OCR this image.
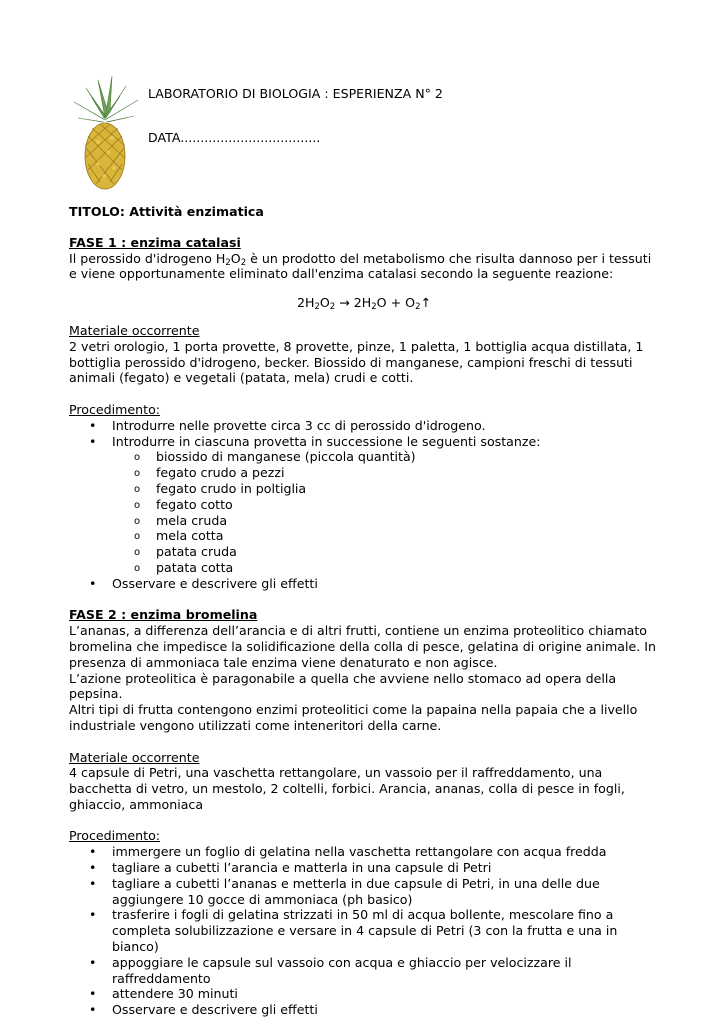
LABORATORIO DI BIOLOGIA : ESPERIENZA N° 2
DATA...................................

TITOLO: Attività enzimatica

FASE 1 : enzima catalasi

Il perossido d'idrogeno $H_2O_2$ è un prodotto del metabolismo che risulta dannoso per i tessuti e viene opportunamente eliminato dall'enzima catalasi secondo la seguente reazione:

$2H_2O_2 \to 2H_2O$ + $O_2↑$

Materiale occorrente

2 vetri orologio, 1 porta provette, 8 provette, pinze, 1 paletta, 1 bottiglia acqua distillata, 1 bottiglia perossido d'idrogeno, becker. Biossido di manganese, campioni freschi di tessuti animali (fegato) e vegetali (patata, mela) crudi e cotti.

Procedimento:

• Introdurre nelle provette circa 3 cc di perossido d'idrogeno.
• Introdurre in ciascuna provetta in successione le seguenti sostanze:
o biossido di manganese (piccola quantità)
o fegato crudo a pezzi
o fegato crudo in poltiglia
o fegato cotto
o mela cruda
o mela cotta
o patata cruda
o patata cotta
• Osservare e descrivere gli effetti

FASE 2 : enzima bromelina

L’ananas, a differenza dell’arancia e di altri frutti, contiene un enzima proteolitico chiamato bromelina che impedisce la solidificazione della colla di pesce, gelatina di origine animale. In presenza di ammoniaca tale enzima viene denaturato e non agisce.

L’azione proteolitica è paragonabile a quella che avviene nello stomaco ad opera della pepsina.

Altri tipi di frutta contengono enzimi proteolitici come la papaina nella papaia che a livello industriale vengono utilizzati come inteneritori della carne.

Materiale occorrente

4 capsule di Petri, una vaschetta rettangolare, un vassoio per il raffreddamento, una bacchetta di vetro, un mestolo, 2 coltelli, forbici. Arancia, ananas, colla di pesce in fogli, ghiaccio, ammoniaca

Procedimento:

• immergere un foglio di gelatina nella vaschetta rettangolare con acqua fredda
• tagliare a cubetti l’arancia e matterla in una capsule di Petri
• tagliare a cubetti l’ananas e metterla in due capsule di Petri, in una delle due aggiungere 10 gocce di ammoniaca (ph basico)
• trasferire i fogli di gelatina strizzati in 50 ml di acqua bollente, mescolare fino a completa solubilizzazione e versare in 4 capsule di Petri (3 con la frutta e una in bianco)
• appoggiare le capsule sul vassoio con acqua e ghiaccio per velocizzare il raffreddamento
• attendere 30 minuti
• Osservare e descrivere gli effetti
